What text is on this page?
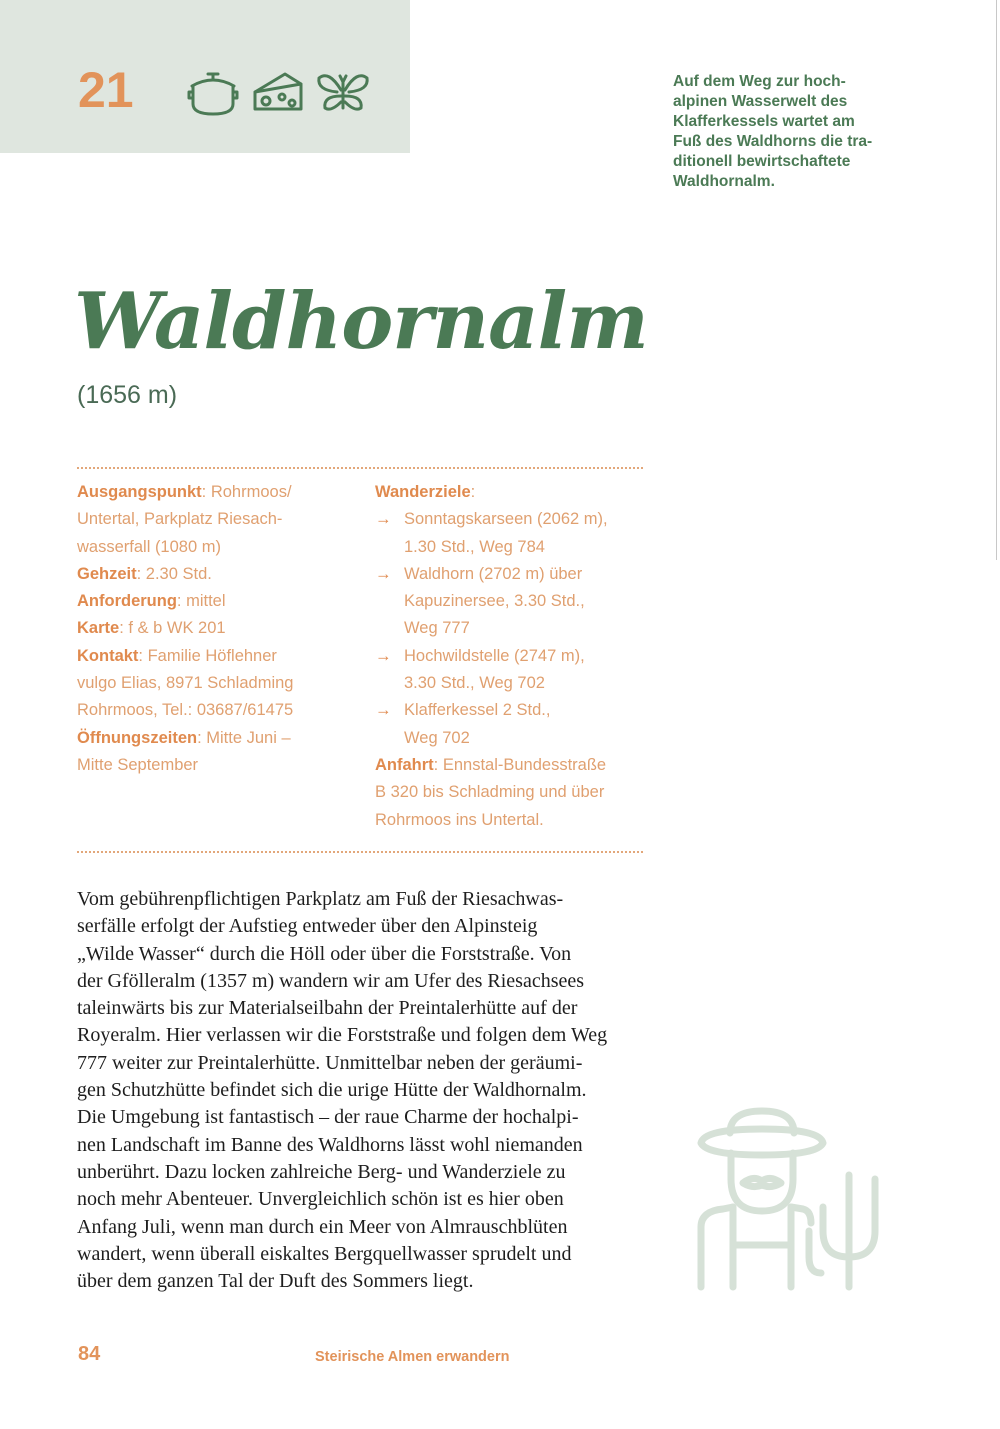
21	Auf dem Weg zur hoch-
alpinen Wasserwelt des
Klafferkessels wartet am
Fuß des Waldhorns die tra-
ditionell bewirtschaftete
Waldhornalm.
Waldhornalm
(1656 m)
Ausgangspunkt: Rohrmoos/
Untertal, Parkplatz Riesach-
wasserfall (1080 m)
Gehzeit: 2.30 Std.
Anforderung: mittel
Karte: f & b WK 201
Kontakt: Familie Höflehner
vulgo Elias, 8971 Schladming
Rohrmoos, Tel.: 03687/61475
Öffnungszeiten: Mitte Juni –
Mitte September
Wanderziele:
→ Sonntagskarseen (2062 m),
1.30 Std., Weg 784
→ Waldhorn (2702 m) über
Kapuzinersee, 3.30 Std.,
Weg 777
→ Hochwildstelle (2747 m),
3.30 Std., Weg 702
→ Klafferkessel 2 Std.,
Weg 702
Anfahrt: Ennstal-Bundesstraße
B 320 bis Schladming und über
Rohrmoos ins Untertal.
Vom gebührenpflichtigen Parkplatz am Fuß der Riesachwas-
serfälle erfolgt der Aufstieg entweder über den Alpinsteig
„Wilde Wasser“ durch die Höll oder über die Forststraße. Von
der Gfölleralm (1357 m) wandern wir am Ufer des Riesachsees
taleinwärts bis zur Materialseilbahn der Preintalerhütte auf der
Royeralm. Hier verlassen wir die Forststraße und folgen dem Weg
777 weiter zur Preintalerhütte. Unmittelbar neben der geräumi-
gen Schutzhütte befindet sich die urige Hütte der Waldhornalm.
Die Umgebung ist fantastisch – der raue Charme der hochalpi-
nen Landschaft im Banne des Waldhorns lässt wohl niemanden
unberührt. Dazu locken zahlreiche Berg- und Wanderziele zu
noch mehr Abenteuer. Unvergleichlich schön ist es hier oben
Anfang Juli, wenn man durch ein Meer von Almrauschblüten
wandert, wenn überall eiskaltes Bergquellwasser sprudelt und
über dem ganzen Tal der Duft des Sommers liegt.
84	Steirische Almen erwandern
